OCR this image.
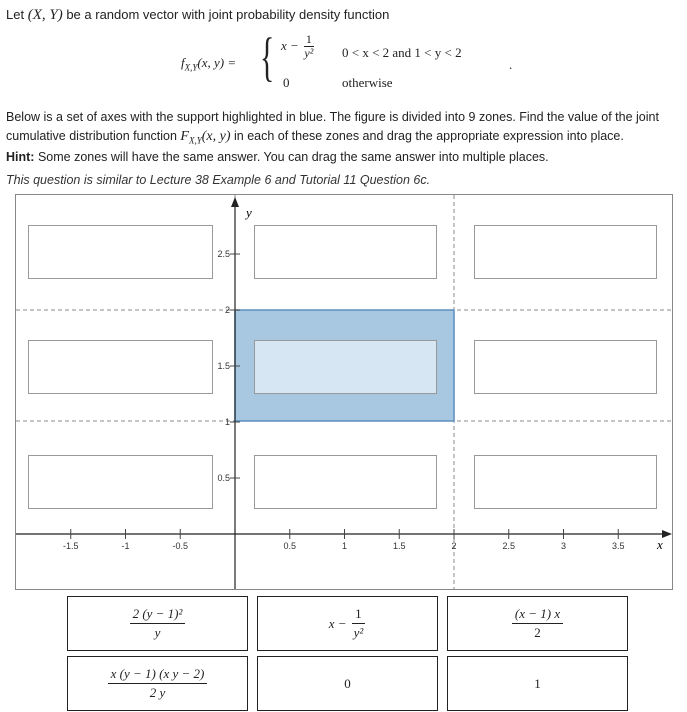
Let (X, Y) be a random vector with joint probability density function
$f_{X,Y}(x$, y) = { $x - \frac{1}{\text{y²}} 0 < x < 2$ and 1 < y < 2
0	otherwise
.
Below is a set of axes with the support highlighted in blue. The figure is divided into 9 zones. Find the value of the joint cumulative distribution function $F_{X,Y}(x$, y) in each of these zones and drag the appropriate expression into place.
Hint: Some zones will have the same answer. You can drag the same answer into multiple places.
This question is similar to Lecture 38 Example 6 and Tutorial 11 Question 6c.
-1.5	-1	-0.5	0.5	1	1.5	2	2.5	3	3.5
0.5
1
1.5
2
2.5
y
x
$\frac{\text{2 (y − 1)²}}{y}$	$x - \frac{1}{\text{y²}}$	$\frac{(x - 1) x}{2}$
$\frac{\text{x (y − 1) (x y − 2)}}{2 y}$	0	1
